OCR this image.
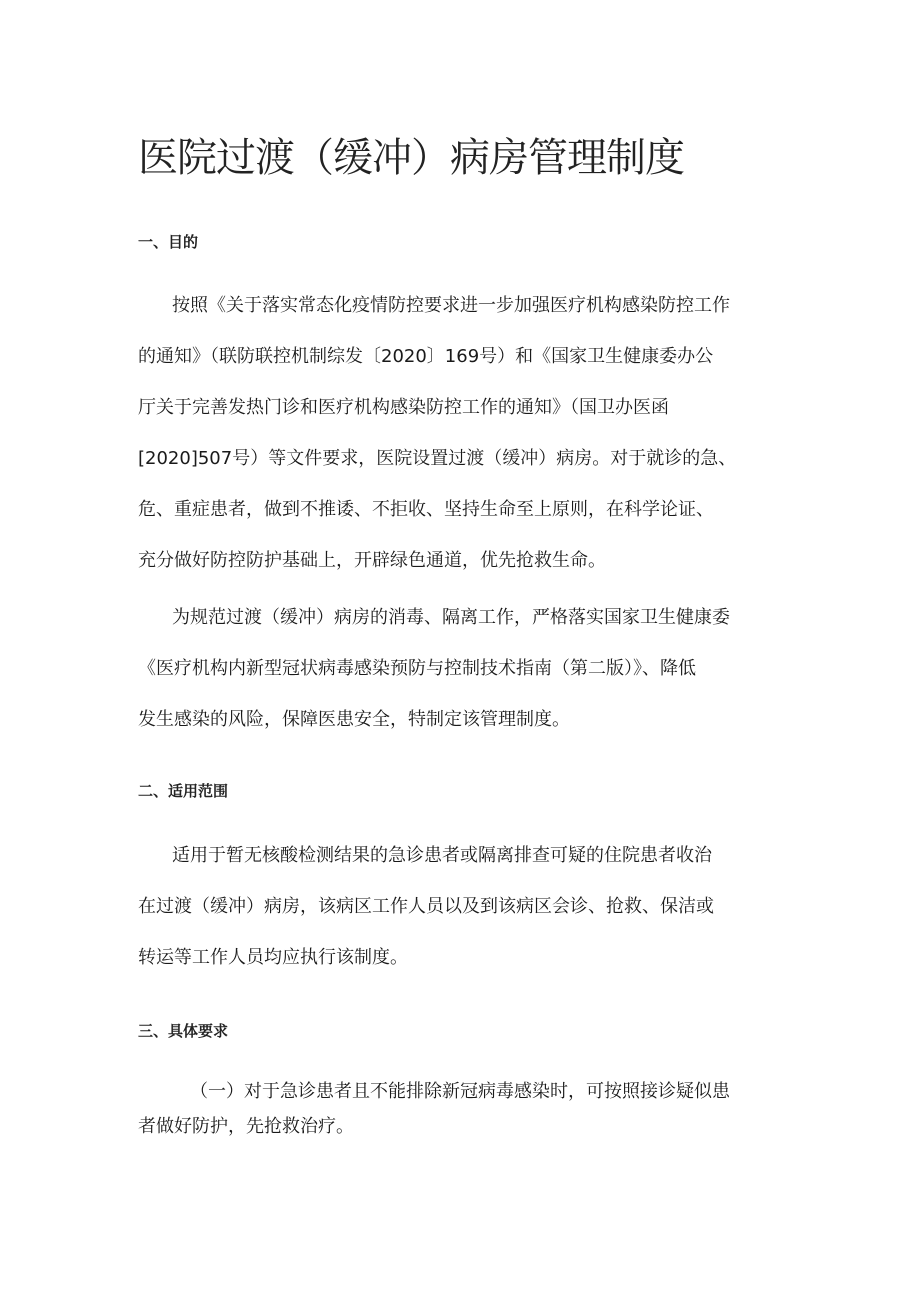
医院过渡（缓冲）病房管理制度
一、目的

按照《关于落实常态化疫情防控要求进一步加强医疗机构感染防控工作
的通知》（联防联控机制综发〔2020〕169号）和《国家卫生健康委办公
厅关于完善发热门诊和医疗机构感染防控工作的通知》（国卫办医函
[2020]507号）等文件要求，医院设置过渡（缓冲）病房。对于就诊的急、
危、重症患者，做到不推诿、不拒收、坚持生命至上原则，在科学论证、
充分做好防控防护基础上，开辟绿色通道，优先抢救生命。

为规范过渡（缓冲）病房的消毒、隔离工作，严格落实国家卫生健康委
《医疗机构内新型冠状病毒感染预防与控制技术指南（第二版）》、降低
发生感染的风险，保障医患安全，特制定该管理制度。

二、适用范围

适用于暂无核酸检测结果的急诊患者或隔离排查可疑的住院患者收治
在过渡（缓冲）病房，该病区工作人员以及到该病区会诊、抢救、保洁或
转运等工作人员均应执行该制度。

三、具体要求

（一）对于急诊患者且不能排除新冠病毒感染时，可按照接诊疑似患
者做好防护，先抢救治疗。
